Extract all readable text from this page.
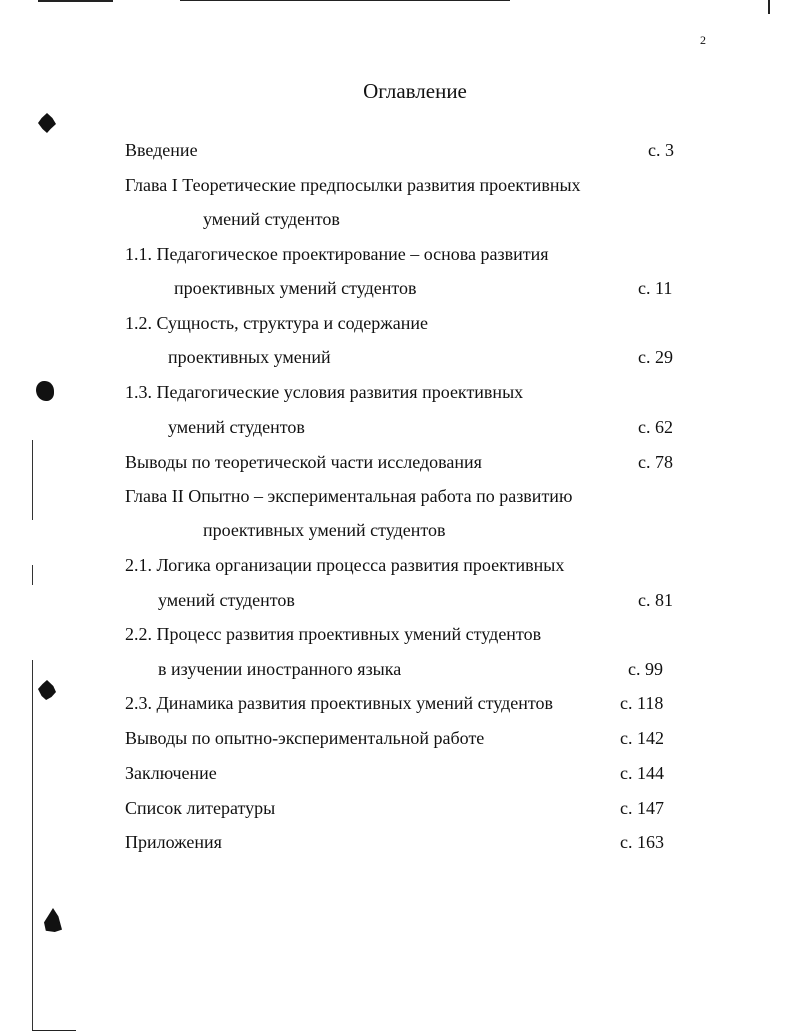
2
Оглавление
Введение	с. 3
Глава I Теоретические предпосылки развития проективных
умений студентов
1.1. Педагогическое проектирование – основа развития
проективных умений студентов	с. 11
1.2. Сущность, структура и содержание
проективных умений	с. 29
1.3. Педагогические условия развития проективных
умений студентов	с. 62
Выводы по теоретической части исследования	с. 78
Глава II Опытно – экспериментальная работа по развитию
проективных умений студентов
2.1. Логика организации процесса развития проективных
умений студентов	с. 81
2.2. Процесс развития проективных умений студентов
в изучении иностранного языка	с. 99
2.3. Динамика развития проективных умений студентов	с. 118
Выводы по опытно-экспериментальной работе	с. 142
Заключение	с. 144
Список литературы	с. 147
Приложения	с. 163
